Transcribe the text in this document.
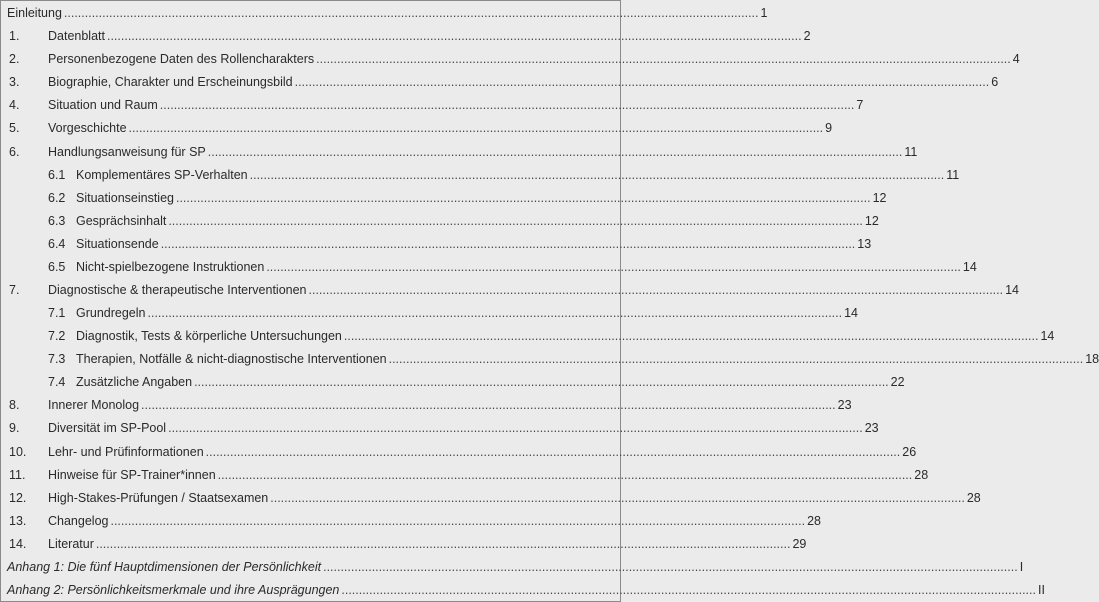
Einleitung ........................................................................................................................................................................................................ 1
1. Datenblatt ........................................................................................................................................................................................................ 2
2. Personenbezogene Daten des Rollencharakters ........................................................................................................................................................................................................ 4
3. Biographie, Charakter und Erscheinungsbild ........................................................................................................................................................................................................ 6
4. Situation und Raum ........................................................................................................................................................................................................ 7
5. Vorgeschichte ........................................................................................................................................................................................................ 9
6. Handlungsanweisung für SP ........................................................................................................................................................................................................ 11
6.1 Komplementäres SP-Verhalten ........................................................................................................................................................................................................ 11
6.2 Situationseinstieg ........................................................................................................................................................................................................ 12
6.3 Gesprächsinhalt ........................................................................................................................................................................................................ 12
6.4 Situationsende ........................................................................................................................................................................................................ 13
6.5 Nicht-spielbezogene Instruktionen ........................................................................................................................................................................................................ 14
7. Diagnostische & therapeutische Interventionen ........................................................................................................................................................................................................ 14
7.1 Grundregeln ........................................................................................................................................................................................................ 14
7.2 Diagnostik, Tests & körperliche Untersuchungen ........................................................................................................................................................................................................ 14
7.3 Therapien, Notfälle & nicht-diagnostische Interventionen ........................................................................................................................................................................................................ 18
7.4 Zusätzliche Angaben ........................................................................................................................................................................................................ 22
8. Innerer Monolog ........................................................................................................................................................................................................ 23
9. Diversität im SP-Pool ........................................................................................................................................................................................................ 23
10. Lehr- und Prüfinformationen ........................................................................................................................................................................................................ 26
11. Hinweise für SP-Trainer*innen ........................................................................................................................................................................................................ 28
12. High-Stakes-Prüfungen / Staatsexamen ........................................................................................................................................................................................................ 28
13. Changelog ........................................................................................................................................................................................................ 28
14. Literatur ........................................................................................................................................................................................................ 29
Anhang 1: Die fünf Hauptdimensionen der Persönlichkeit ........................................................................................................................................................................................................ I
Anhang 2: Persönlichkeitsmerkmale und ihre Ausprägungen ........................................................................................................................................................................................................ II
